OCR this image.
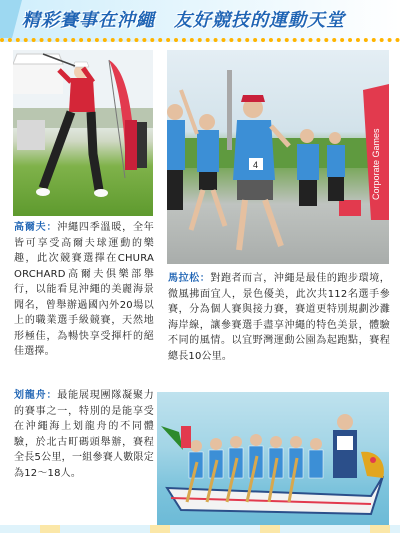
精彩賽事在沖繩　友好競技的運動天堂
高爾夫：沖繩四季溫暖，全年皆可享受高爾夫球運動的樂趣，此次競賽選擇在CHURA ORCHARD高爾夫俱樂部舉行，以能看見沖繩的美麗海景聞名，曾舉辦過國內外20場以上的職業選手級競賽，天然地形極佳，為暢快享受揮杆的絕佳選擇。
Corporate Games
4
馬拉松：對跑者而言，沖繩是最佳的跑步環境，微風拂面宜人，景色優美，此次共112名選手參賽，分為個人賽與接力賽，賽道更特別規劃沙灘海岸線，讓參賽選手盡享沖繩的特色美景，體驗不同的風情。以宜野灣運動公園為起跑點，賽程總長10公里。
划龍舟：最能展現團隊凝聚力的賽事之一，特別的是能享受在沖繩海上划龍舟的不同體驗，於北古町碼頭舉辦，賽程全長5公里，一組參賽人數限定為12～18人。
